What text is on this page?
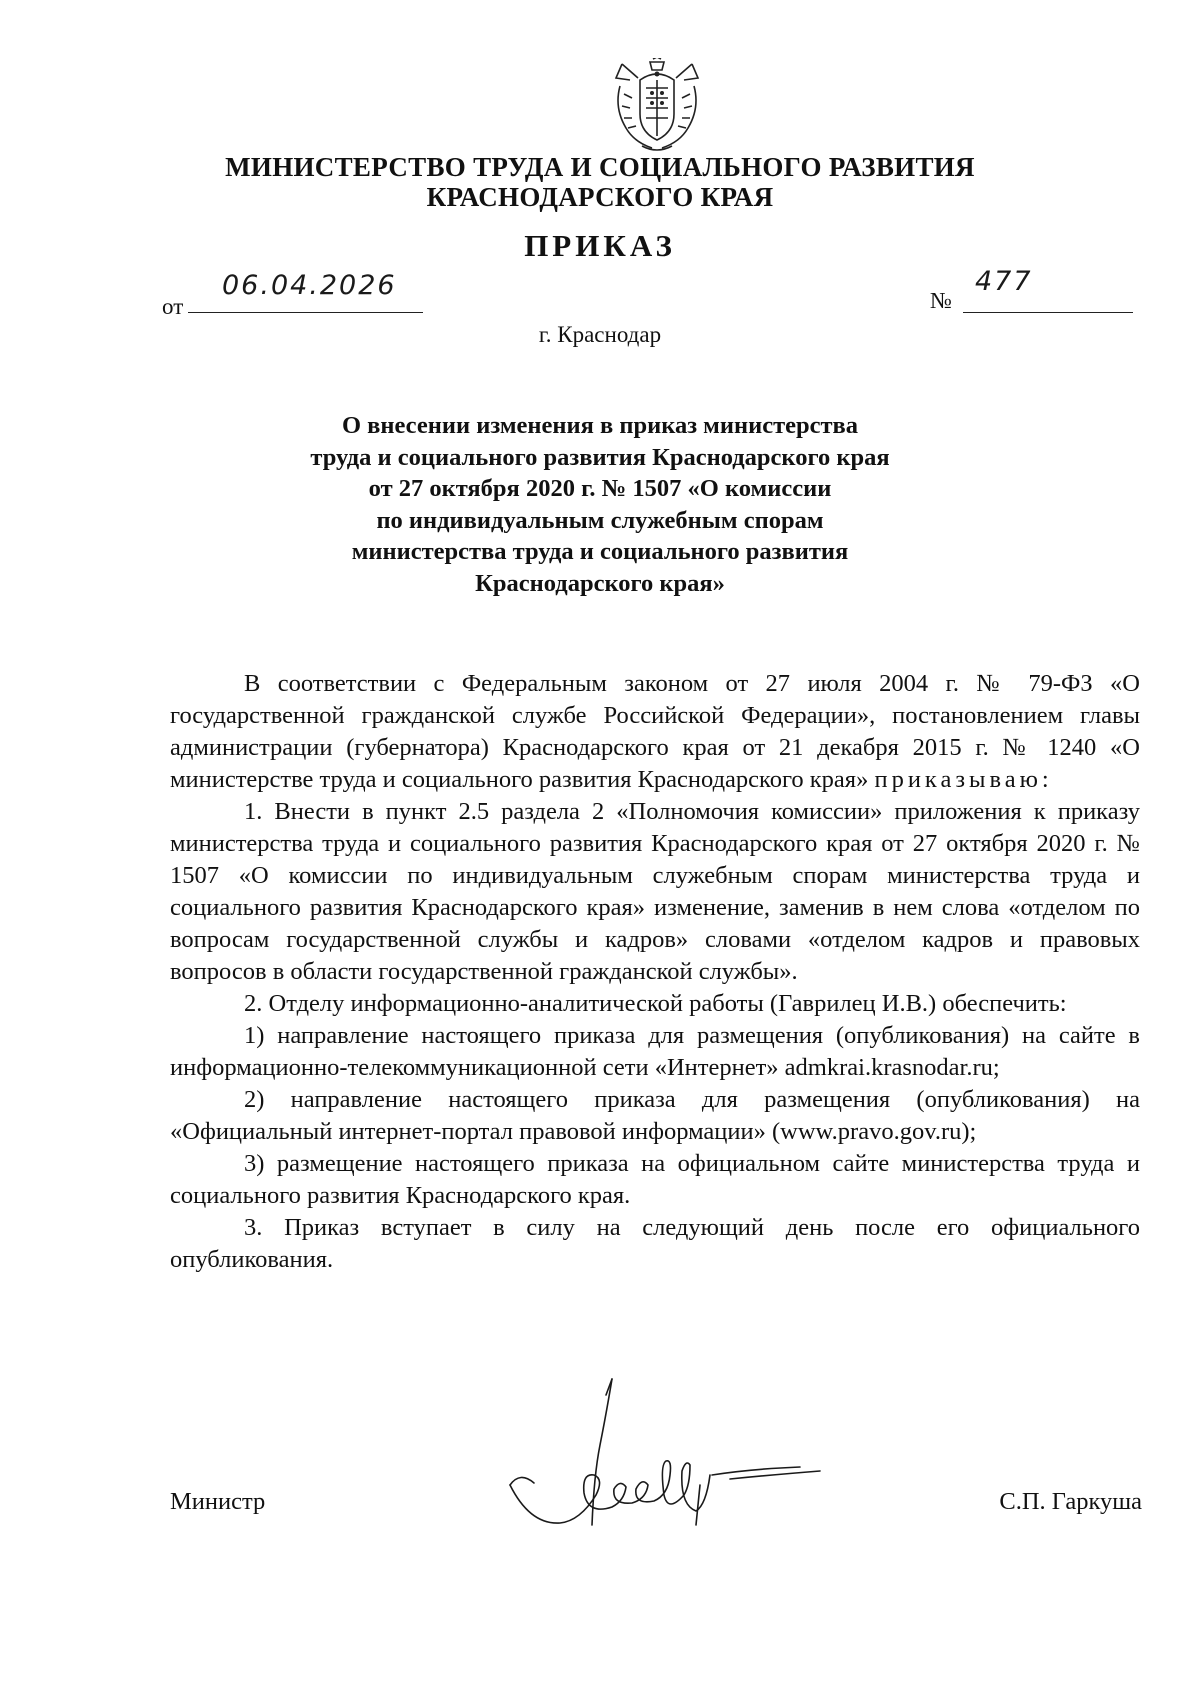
МИНИСТЕРСТВО ТРУДА И СОЦИАЛЬНОГО РАЗВИТИЯ
КРАСНОДАРСКОГО КРАЯ
ПРИКАЗ
от
06.04.2026	№
477
г. Краснодар
О внесении изменения в приказ министерства
труда и социального развития Краснодарского края
от 27 октября 2020 г. № 1507 «О комиссии
по индивидуальным служебным спорам
министерства труда и социального развития
Краснодарского края»

В соответствии с Федеральным законом от 27 июля 2004 г. № 79-ФЗ «О государственной гражданской службе Российской Федерации», постановлением главы администрации (губернатора) Краснодарского края от 21 декабря 2015 г. № 1240 «О министерстве труда и социального развития Краснодарского края» приказываю:

1. Внести в пункт 2.5 раздела 2 «Полномочия комиссии» приложения к приказу министерства труда и социального развития Краснодарского края от 27 октября 2020 г. № 1507 «О комиссии по индивидуальным служебным спорам министерства труда и социального развития Краснодарского края» изменение, заменив в нем слова «отделом по вопросам государственной службы и кадров» словами «отделом кадров и правовых вопросов в области государственной гражданской службы».

2. Отделу информационно-аналитической работы (Гаврилец И.В.) обеспечить:

1) направление настоящего приказа для размещения (опубликования) на сайте в информационно-телекоммуникационной сети «Интернет» admkrai.krasnodar.ru;

2) направление настоящего приказа для размещения (опубликования) на «Официальный интернет-портал правовой информации» (www.pravo.gov.ru);

3) размещение настоящего приказа на официальном сайте министерства труда и социального развития Краснодарского края.

3. Приказ вступает в силу на следующий день после его официального опубликования.

Министр	С.П. Гаркуша
